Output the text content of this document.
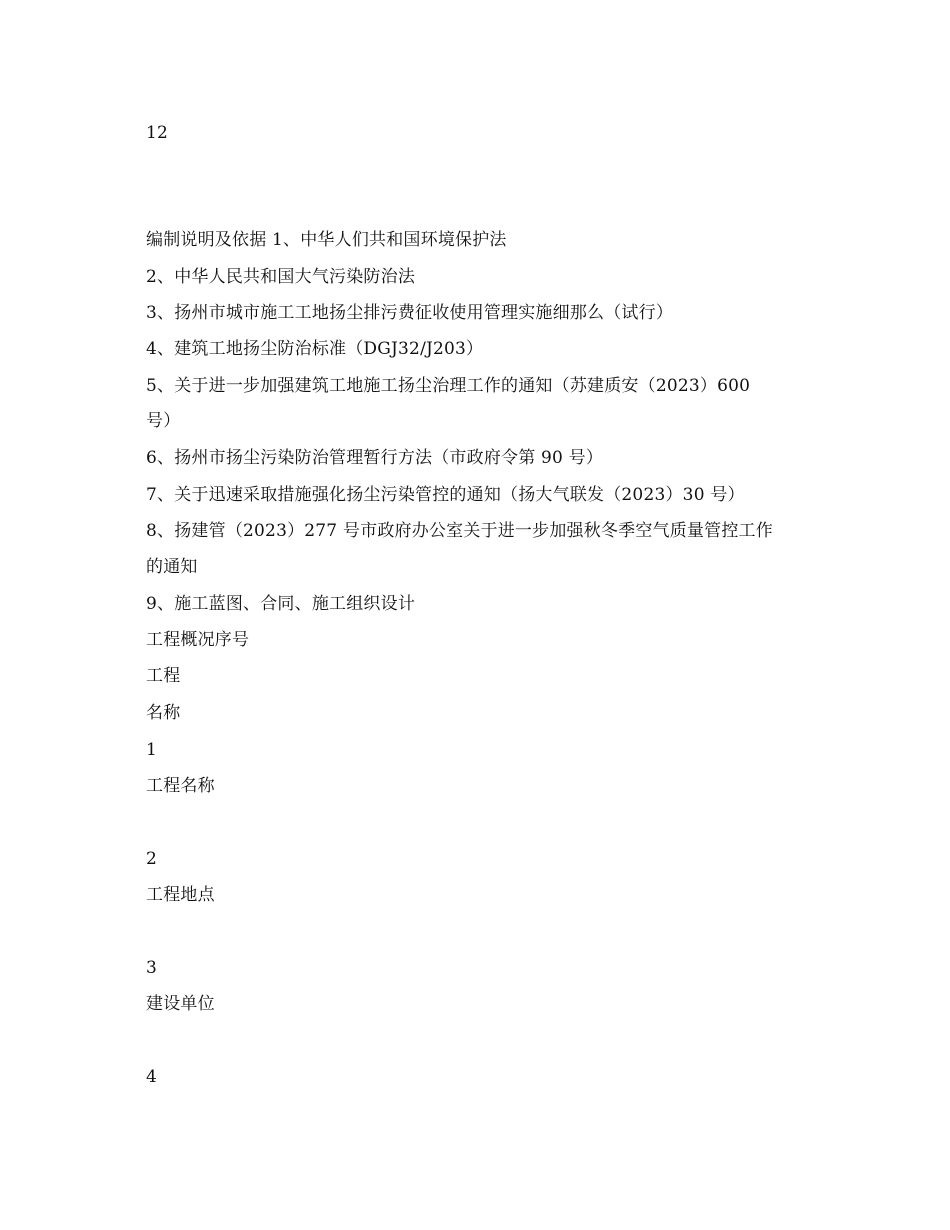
12
编制说明及依据 1、中华人们共和国环境保护法
2、中华人民共和国大气污染防治法
3、扬州市城市施工工地扬尘排污费征收使用管理实施细那么（试行）
4、建筑工地扬尘防治标准（DGJ32/J203）
5、关于进一步加强建筑工地施工扬尘治理工作的通知（苏建质安（2023）600
号）
6、扬州市扬尘污染防治管理暂行方法（市政府令第 90 号）
7、关于迅速采取措施强化扬尘污染管控的通知（扬大气联发（2023）30 号）
8、扬建管（2023）277 号市政府办公室关于进一步加强秋冬季空气质量管控工作
的通知
9、施工蓝图、合同、施工组织设计
工程概况序号
工程
名称
1
工程名称
2
工程地点
3
建设单位
4
